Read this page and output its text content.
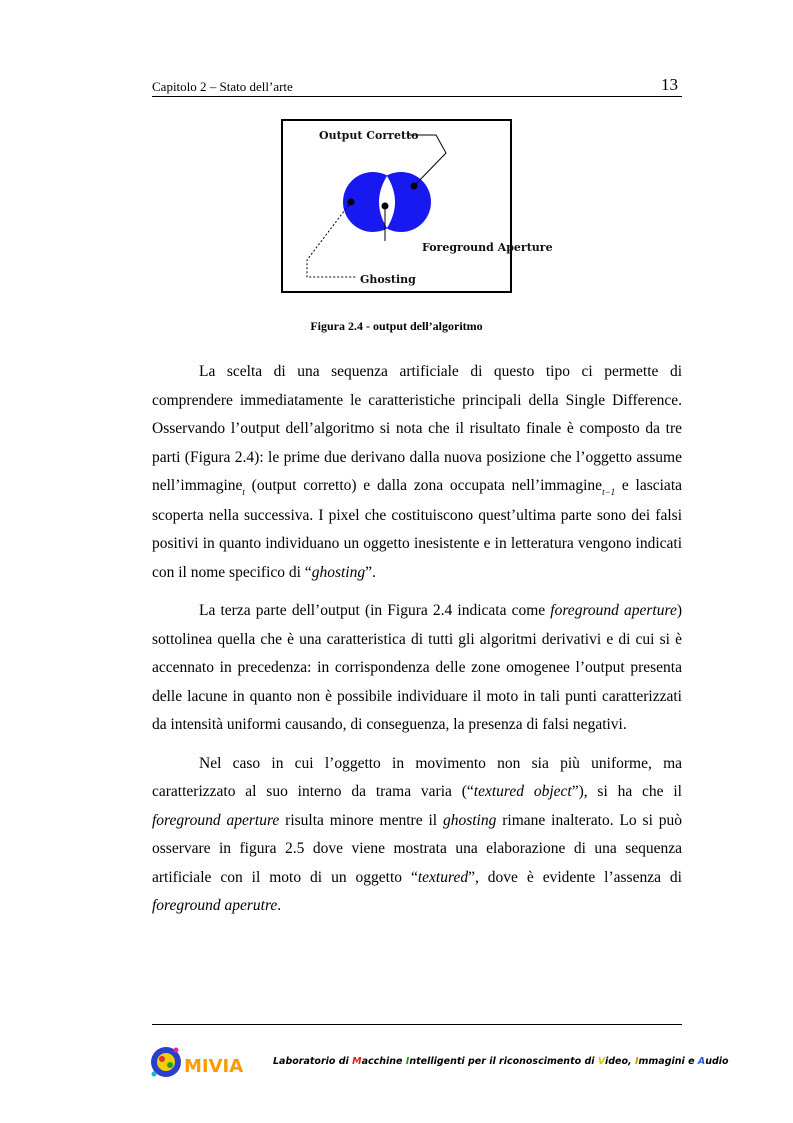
Capitolo 2 – Stato dell’arte	13
Output Corretto
Foreground Aperture
Ghosting
Figura 2.4 - output dell’algoritmo

La scelta di una sequenza artificiale di questo tipo ci permette di comprendere immediatamente le caratteristiche principali della Single Difference. Osservando l’output dell’algoritmo si nota che il risultato finale è composto da tre parti (Figura 2.4): le prime due derivano dalla nuova posizione che l’oggetto assume nell’immagine$_t$ (output corretto) e dalla zona occupata nell’immagine$_{t-1}$ e lasciata scoperta nella successiva. I pixel che costituiscono quest’ultima parte sono dei falsi positivi in quanto individuano un oggetto inesistente e in letteratura vengono indicati con il nome specifico di “ghosting”.

La terza parte dell’output (in Figura 2.4 indicata come foreground aperture) sottolinea quella che è una caratteristica di tutti gli algoritmi derivativi e di cui si è accennato in precedenza: in corrispondenza delle zone omogenee l’output presenta delle lacune in quanto non è possibile individuare il moto in tali punti caratterizzati da intensità uniformi causando, di conseguenza, la presenza di falsi negativi.

Nel caso in cui l’oggetto in movimento non sia più uniforme, ma caratterizzato al suo interno da trama varia (“textured object”), si ha che il foreground aperture risulta minore mentre il ghosting rimane inalterato. Lo si può osservare in figura 2.5 dove viene mostrata una elaborazione di una sequenza artificiale con il moto di un oggetto “textured”, dove è evidente l’assenza di foreground aperutre.

MIVIA	Laboratorio di Macchine Intelligenti per il riconoscimento di Video, Immagini e Audio
